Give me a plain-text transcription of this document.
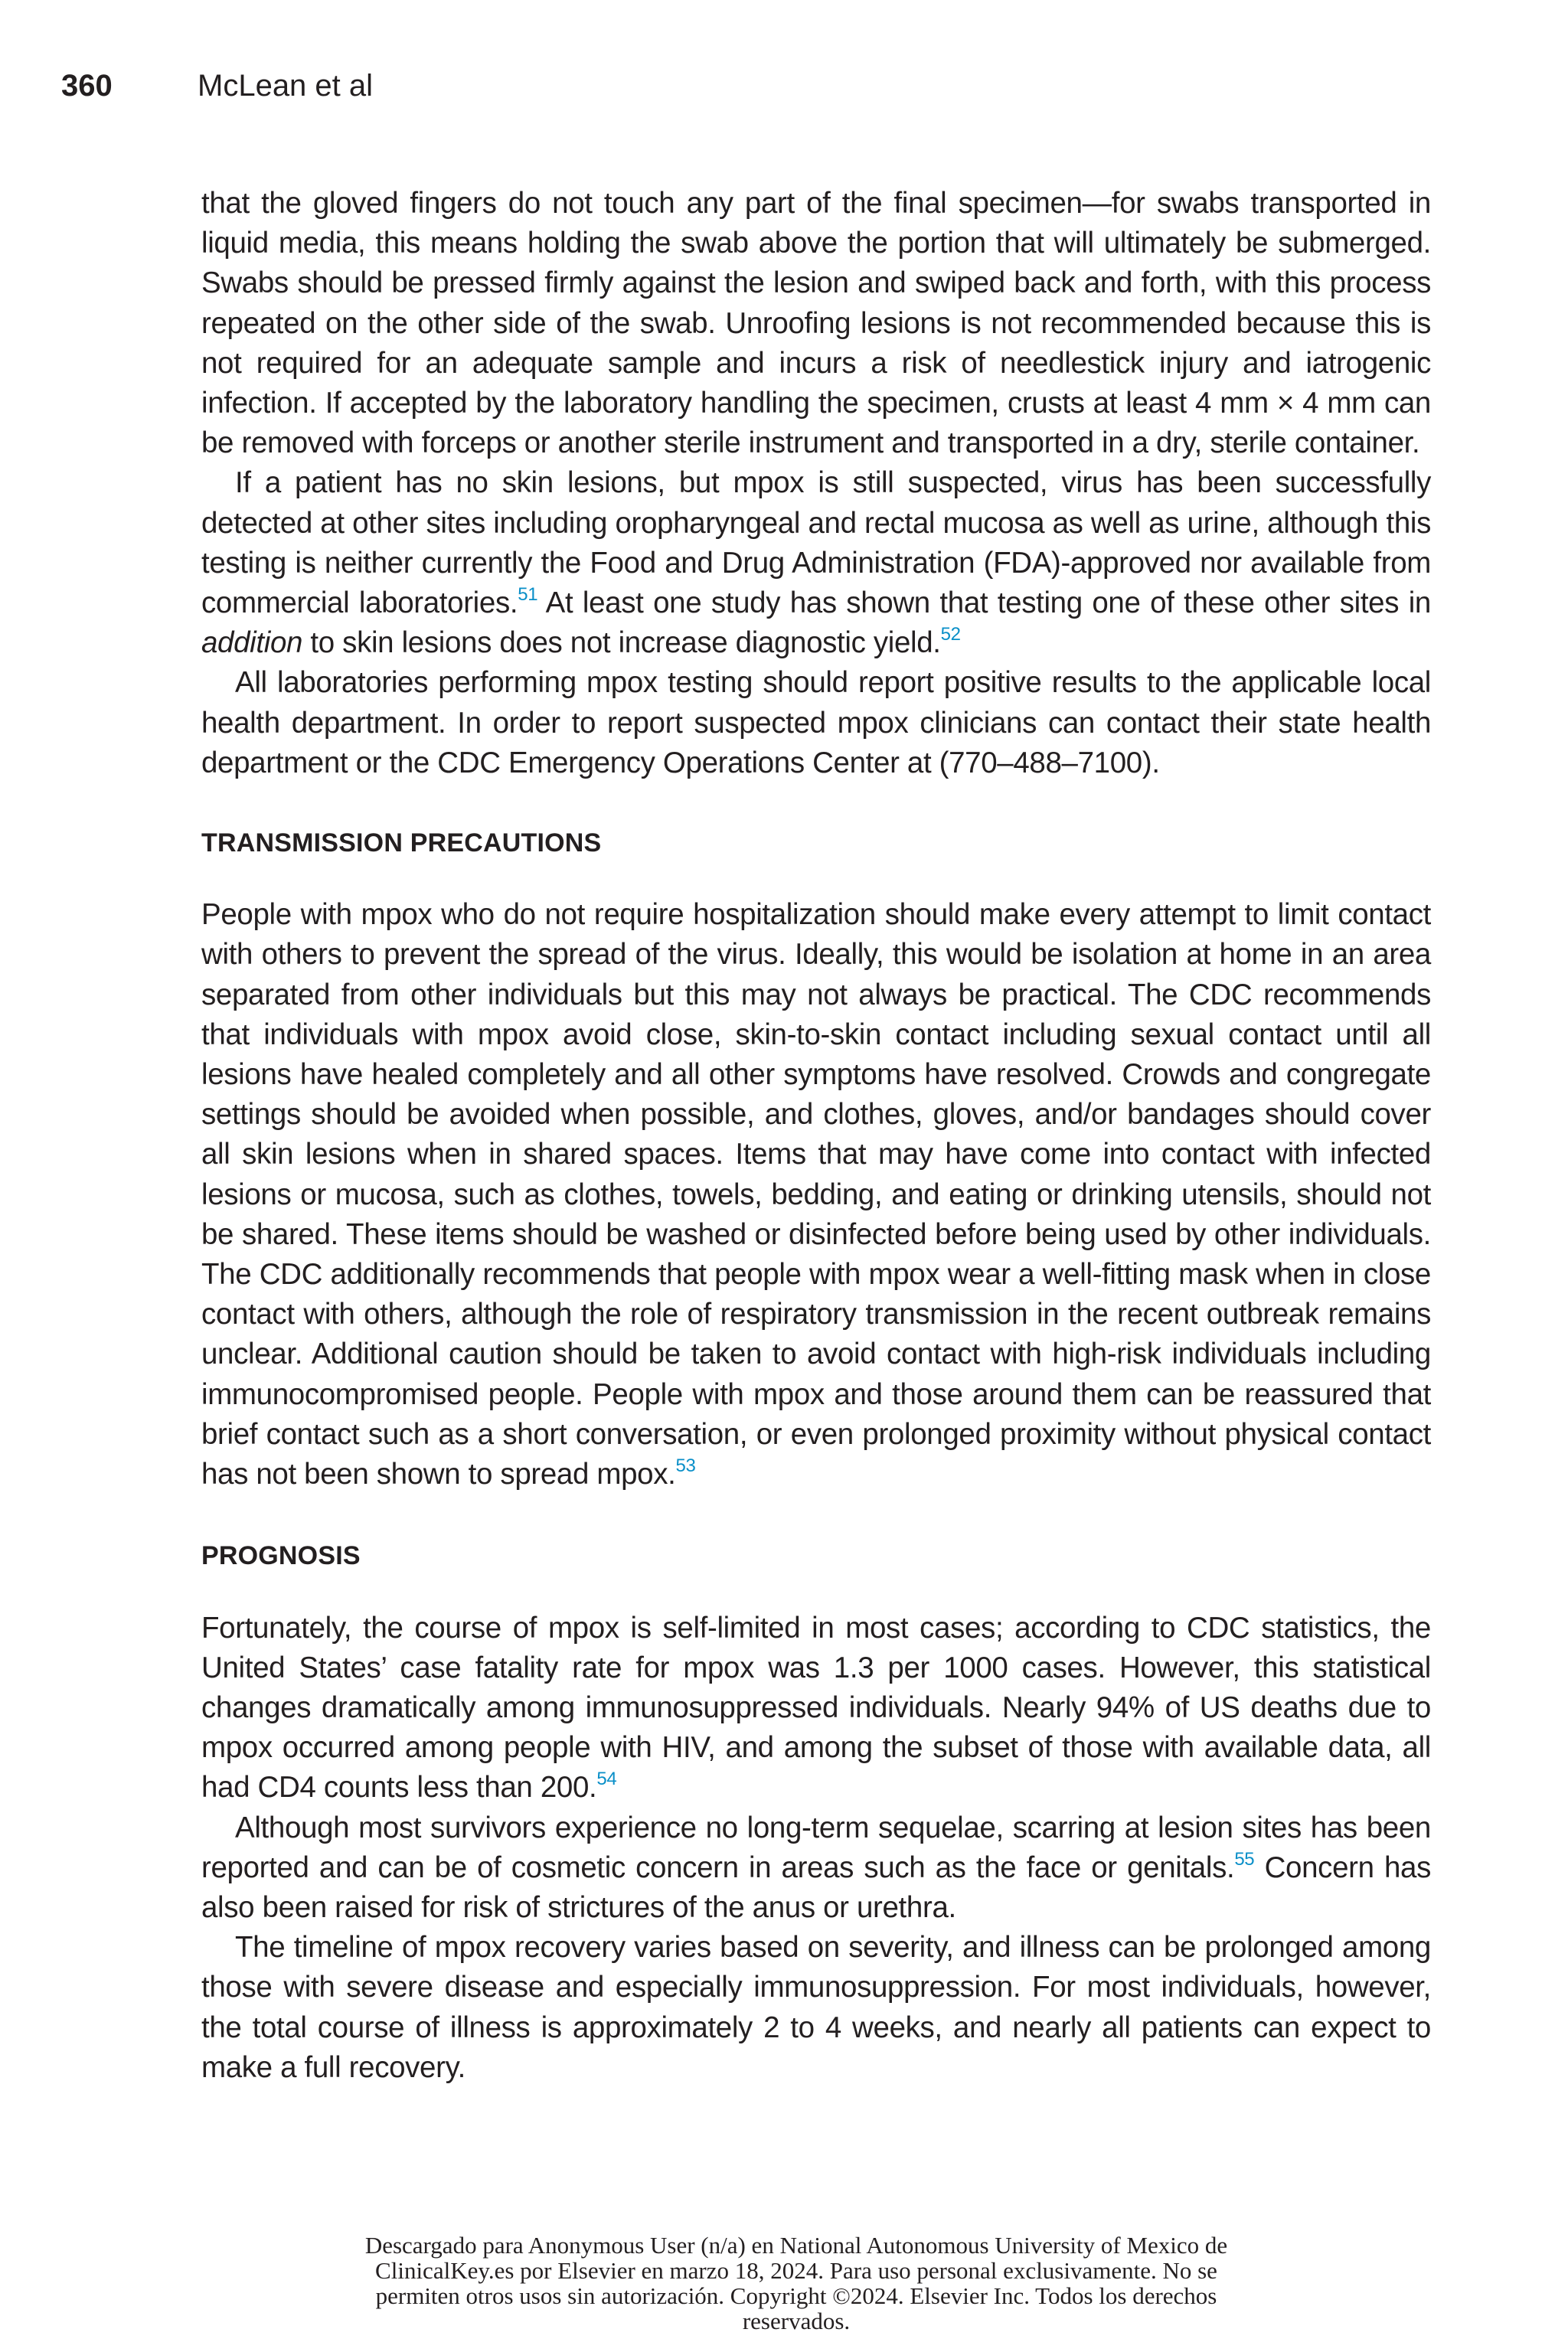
360	McLean et al

that the gloved fingers do not touch any part of the final specimen—for swabs transported in liquid media, this means holding the swab above the portion that will ultimately be submerged. Swabs should be pressed firmly against the lesion and swiped back and forth, with this process repeated on the other side of the swab. Unroofing lesions is not recommended because this is not required for an adequate sample and incurs a risk of needlestick injury and iatrogenic infection. If accepted by the laboratory handling the specimen, crusts at least 4 mm × 4 mm can be removed with forceps or another sterile instrument and transported in a dry, sterile container.

If a patient has no skin lesions, but mpox is still suspected, virus has been successfully detected at other sites including oropharyngeal and rectal mucosa as well as urine, although this testing is neither currently the Food and Drug Administration (FDA)-approved nor available from commercial laboratories.$^{51}$ At least one study has shown that testing one of these other sites in addition to skin lesions does not increase diagnostic yield.$^{52}$

All laboratories performing mpox testing should report positive results to the applicable local health department. In order to report suspected mpox clinicians can contact their state health department or the CDC Emergency Operations Center at (770–488–7100).

TRANSMISSION PRECAUTIONS

People with mpox who do not require hospitalization should make every attempt to limit contact with others to prevent the spread of the virus. Ideally, this would be isolation at home in an area separated from other individuals but this may not always be practical. The CDC recommends that individuals with mpox avoid close, skin-to-skin contact including sexual contact until all lesions have healed completely and all other symptoms have resolved. Crowds and congregate settings should be avoided when possible, and clothes, gloves, and/or bandages should cover all skin lesions when in shared spaces. Items that may have come into contact with infected lesions or mucosa, such as clothes, towels, bedding, and eating or drinking utensils, should not be shared. These items should be washed or disinfected before being used by other individuals. The CDC additionally recommends that people with mpox wear a well-fitting mask when in close contact with others, although the role of respiratory transmission in the recent outbreak remains unclear. Additional caution should be taken to avoid contact with high-risk individuals including immunocompromised people. People with mpox and those around them can be reassured that brief contact such as a short conversation, or even prolonged proximity without physical contact has not been shown to spread mpox.$^{53}$

PROGNOSIS

Fortunately, the course of mpox is self-limited in most cases; according to CDC statistics, the United States’ case fatality rate for mpox was 1.3 per 1000 cases. However, this statistical changes dramatically among immunosuppressed individuals. Nearly 94% of US deaths due to mpox occurred among people with HIV, and among the subset of those with available data, all had CD4 counts less than 200.54

Although most survivors experience no long-term sequelae, scarring at lesion sites has been reported and can be of cosmetic concern in areas such as the face or genitals.$^{55}$ Concern has also been raised for risk of strictures of the anus or urethra.

The timeline of mpox recovery varies based on severity, and illness can be prolonged among those with severe disease and especially immunosuppression. For most individuals, however, the total course of illness is approximately 2 to 4 weeks, and nearly all patients can expect to make a full recovery.

Descargado para Anonymous User (n/a) en National Autonomous University of Mexico de
ClinicalKey.es por Elsevier en marzo 18, 2024. Para uso personal exclusivamente. No se
permiten otros usos sin autorización. Copyright ©2024. Elsevier Inc. Todos los derechos
reservados.
